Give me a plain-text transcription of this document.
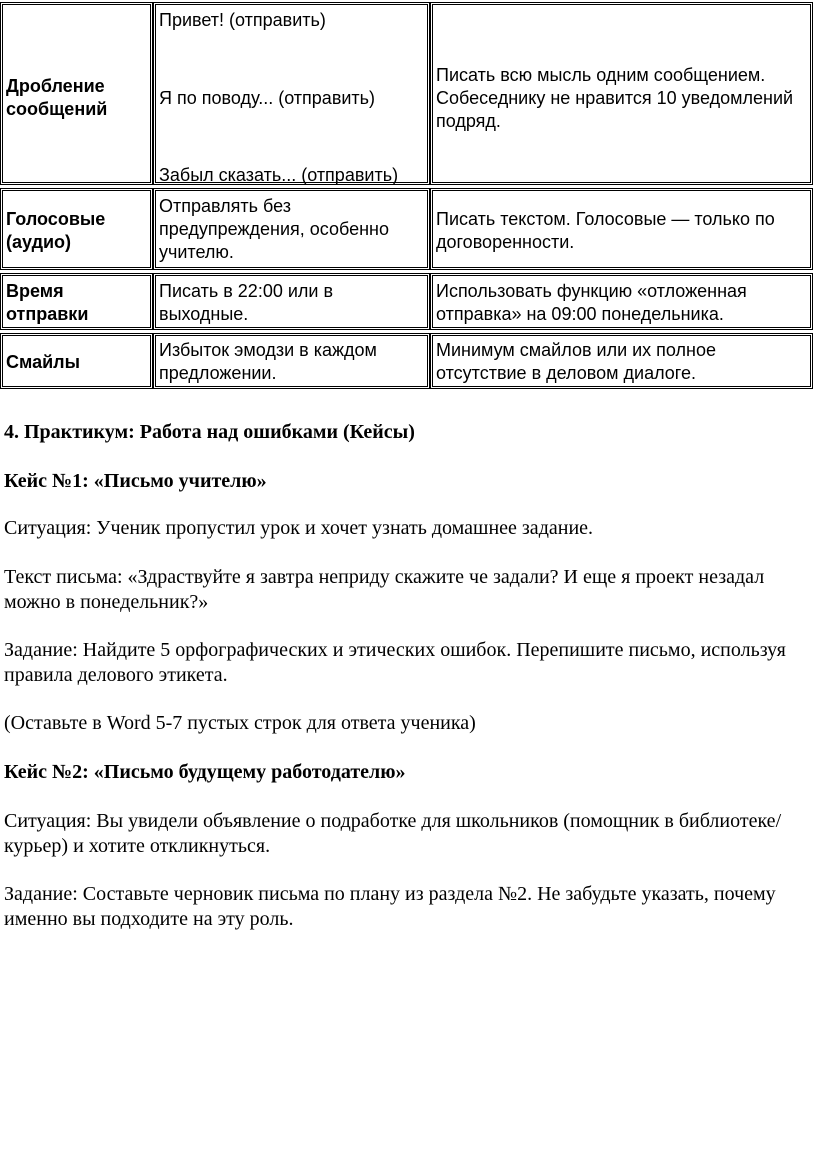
Дробление сообщений
Привет! (отправить)
Я по поводу... (отправить)
Забыл сказать... (отправить)
Писать всю мысль одним сообщением. Собеседнику не нравится 10 уведомлений подряд.
Голосовые (аудио)
Отправлять без предупреждения, особенно учителю.
Писать текстом. Голосовые — только по договоренности.
Время отправки
Писать в 22:00 или в выходные.
Использовать функцию «отложенная отправка» на 09:00 понедельника.
Смайлы
Избыток эмодзи в каждом предложении.
Минимум смайлов или их полное отсутствие в деловом диалоге.

4. Практикум: Работа над ошибками (Кейсы)

Кейс №1: «Письмо учителю»

Ситуация: Ученик пропустил урок и хочет узнать домашнее задание.

Текст письма: «Здраствуйте я завтра неприду скажите че задали? И еще я проект незадал можно в понедельник?»

Задание: Найдите 5 орфографических и этических ошибок. Перепишите письмо, используя правила делового этикета.

(Оставьте в Word 5-7 пустых строк для ответа ученика)

Кейс №2: «Письмо будущему работодателю»

Ситуация: Вы увидели объявление о подработке для школьников (помощник в библиотеке/курьер) и хотите откликнуться.

Задание: Составьте черновик письма по плану из раздела №2. Не забудьте указать, почему именно вы подходите на эту роль.
